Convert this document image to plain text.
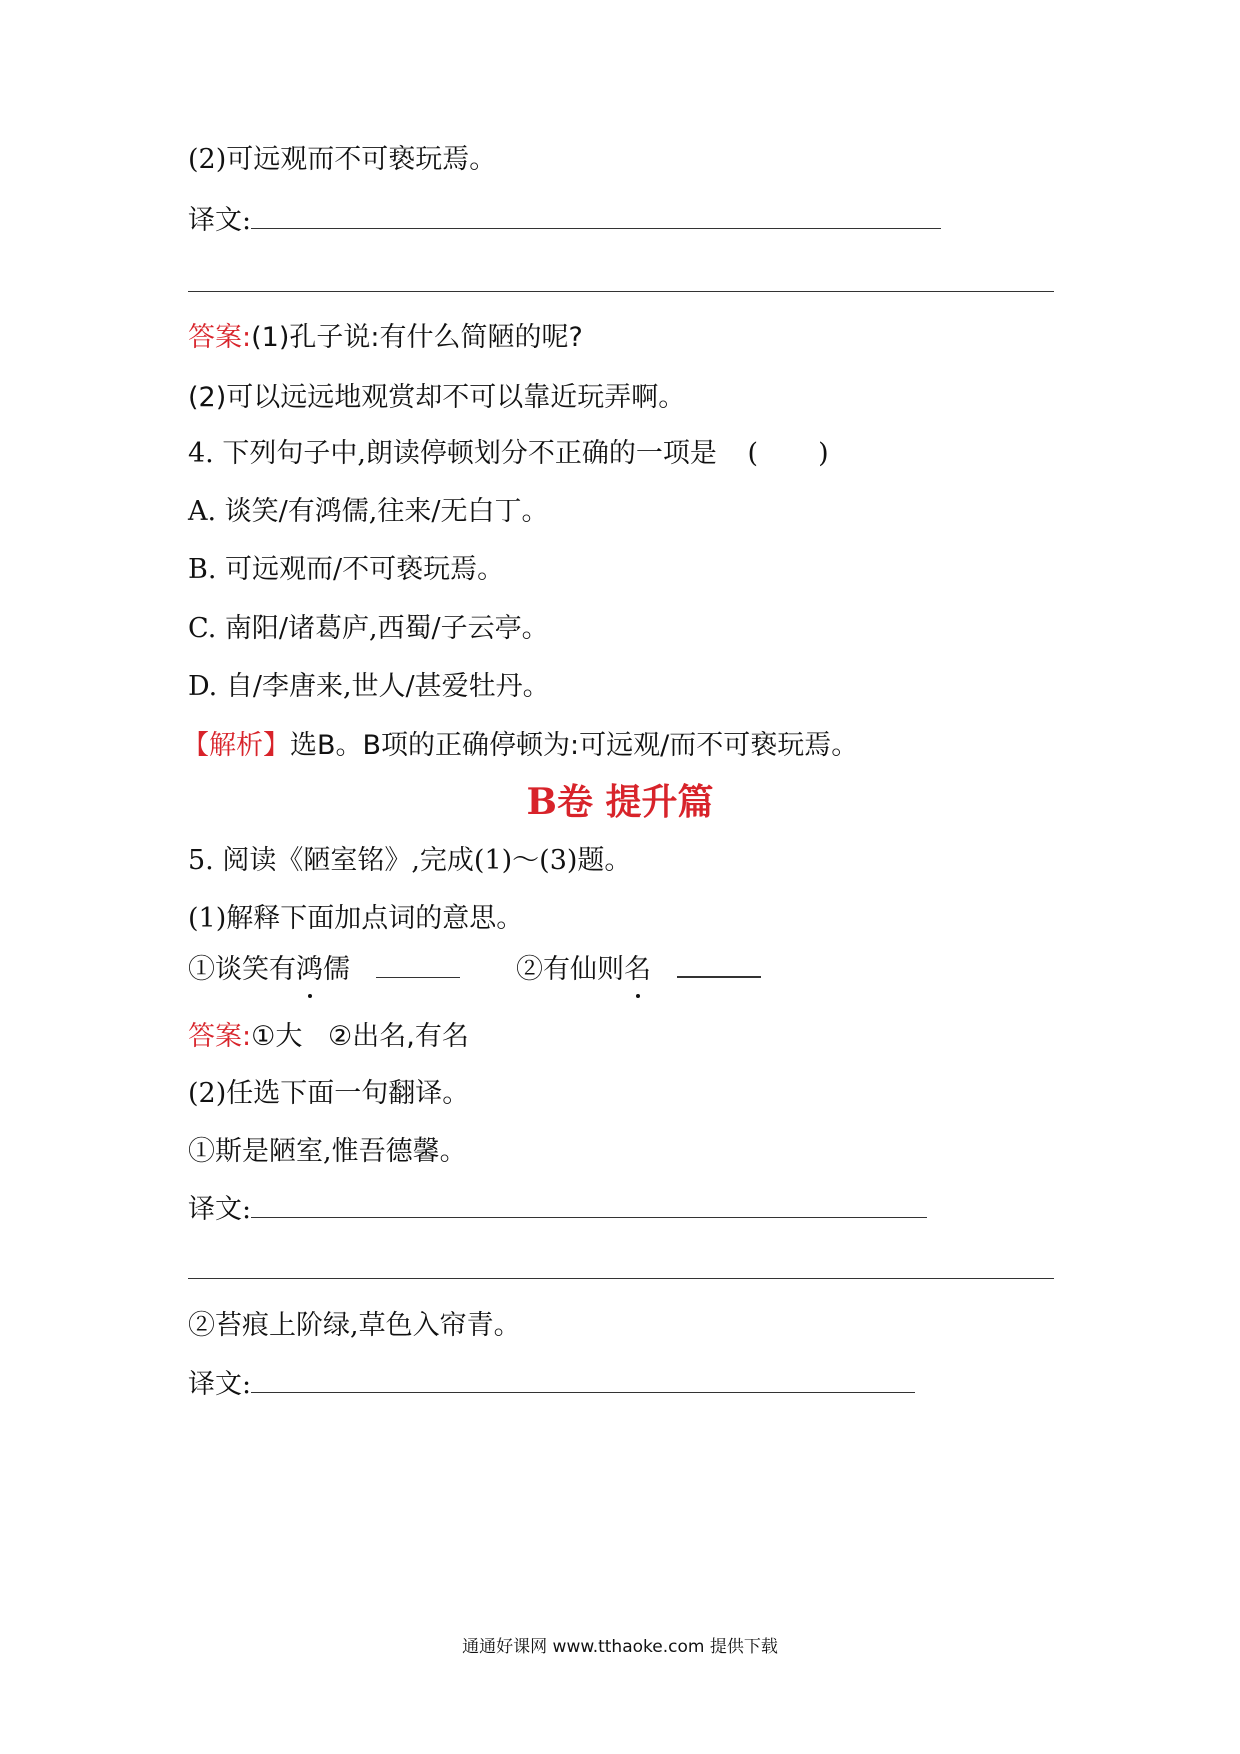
(2)可远观而不可亵玩焉。
译文:
答案:(1)孔子说:有什么简陋的呢?
(2)可以远远地观赏却不可以靠近玩弄啊。
4. 下列句子中,朗读停顿划分不正确的一项是 ( )
A. 谈笑/有鸿儒,往来/无白丁。
B. 可远观而/不可亵玩焉。
C. 南阳/诸葛庐,西蜀/子云亭。
D. 自/李唐来,世人/甚爱牡丹。
【解析】选B。B项的正确停顿为:可远观/而不可亵玩焉。
B卷 提升篇
5. 阅读《陋室铭》,完成(1)～(3)题。
(1)解释下面加点词的意思。
①谈笑有鸿儒	②有仙则名
答案:①大   ②出名,有名
(2)任选下面一句翻译。
①斯是陋室,惟吾德馨。
译文:
②苔痕上阶绿,草色入帘青。
译文:
通通好课网 www.tthaoke.com 提供下载
